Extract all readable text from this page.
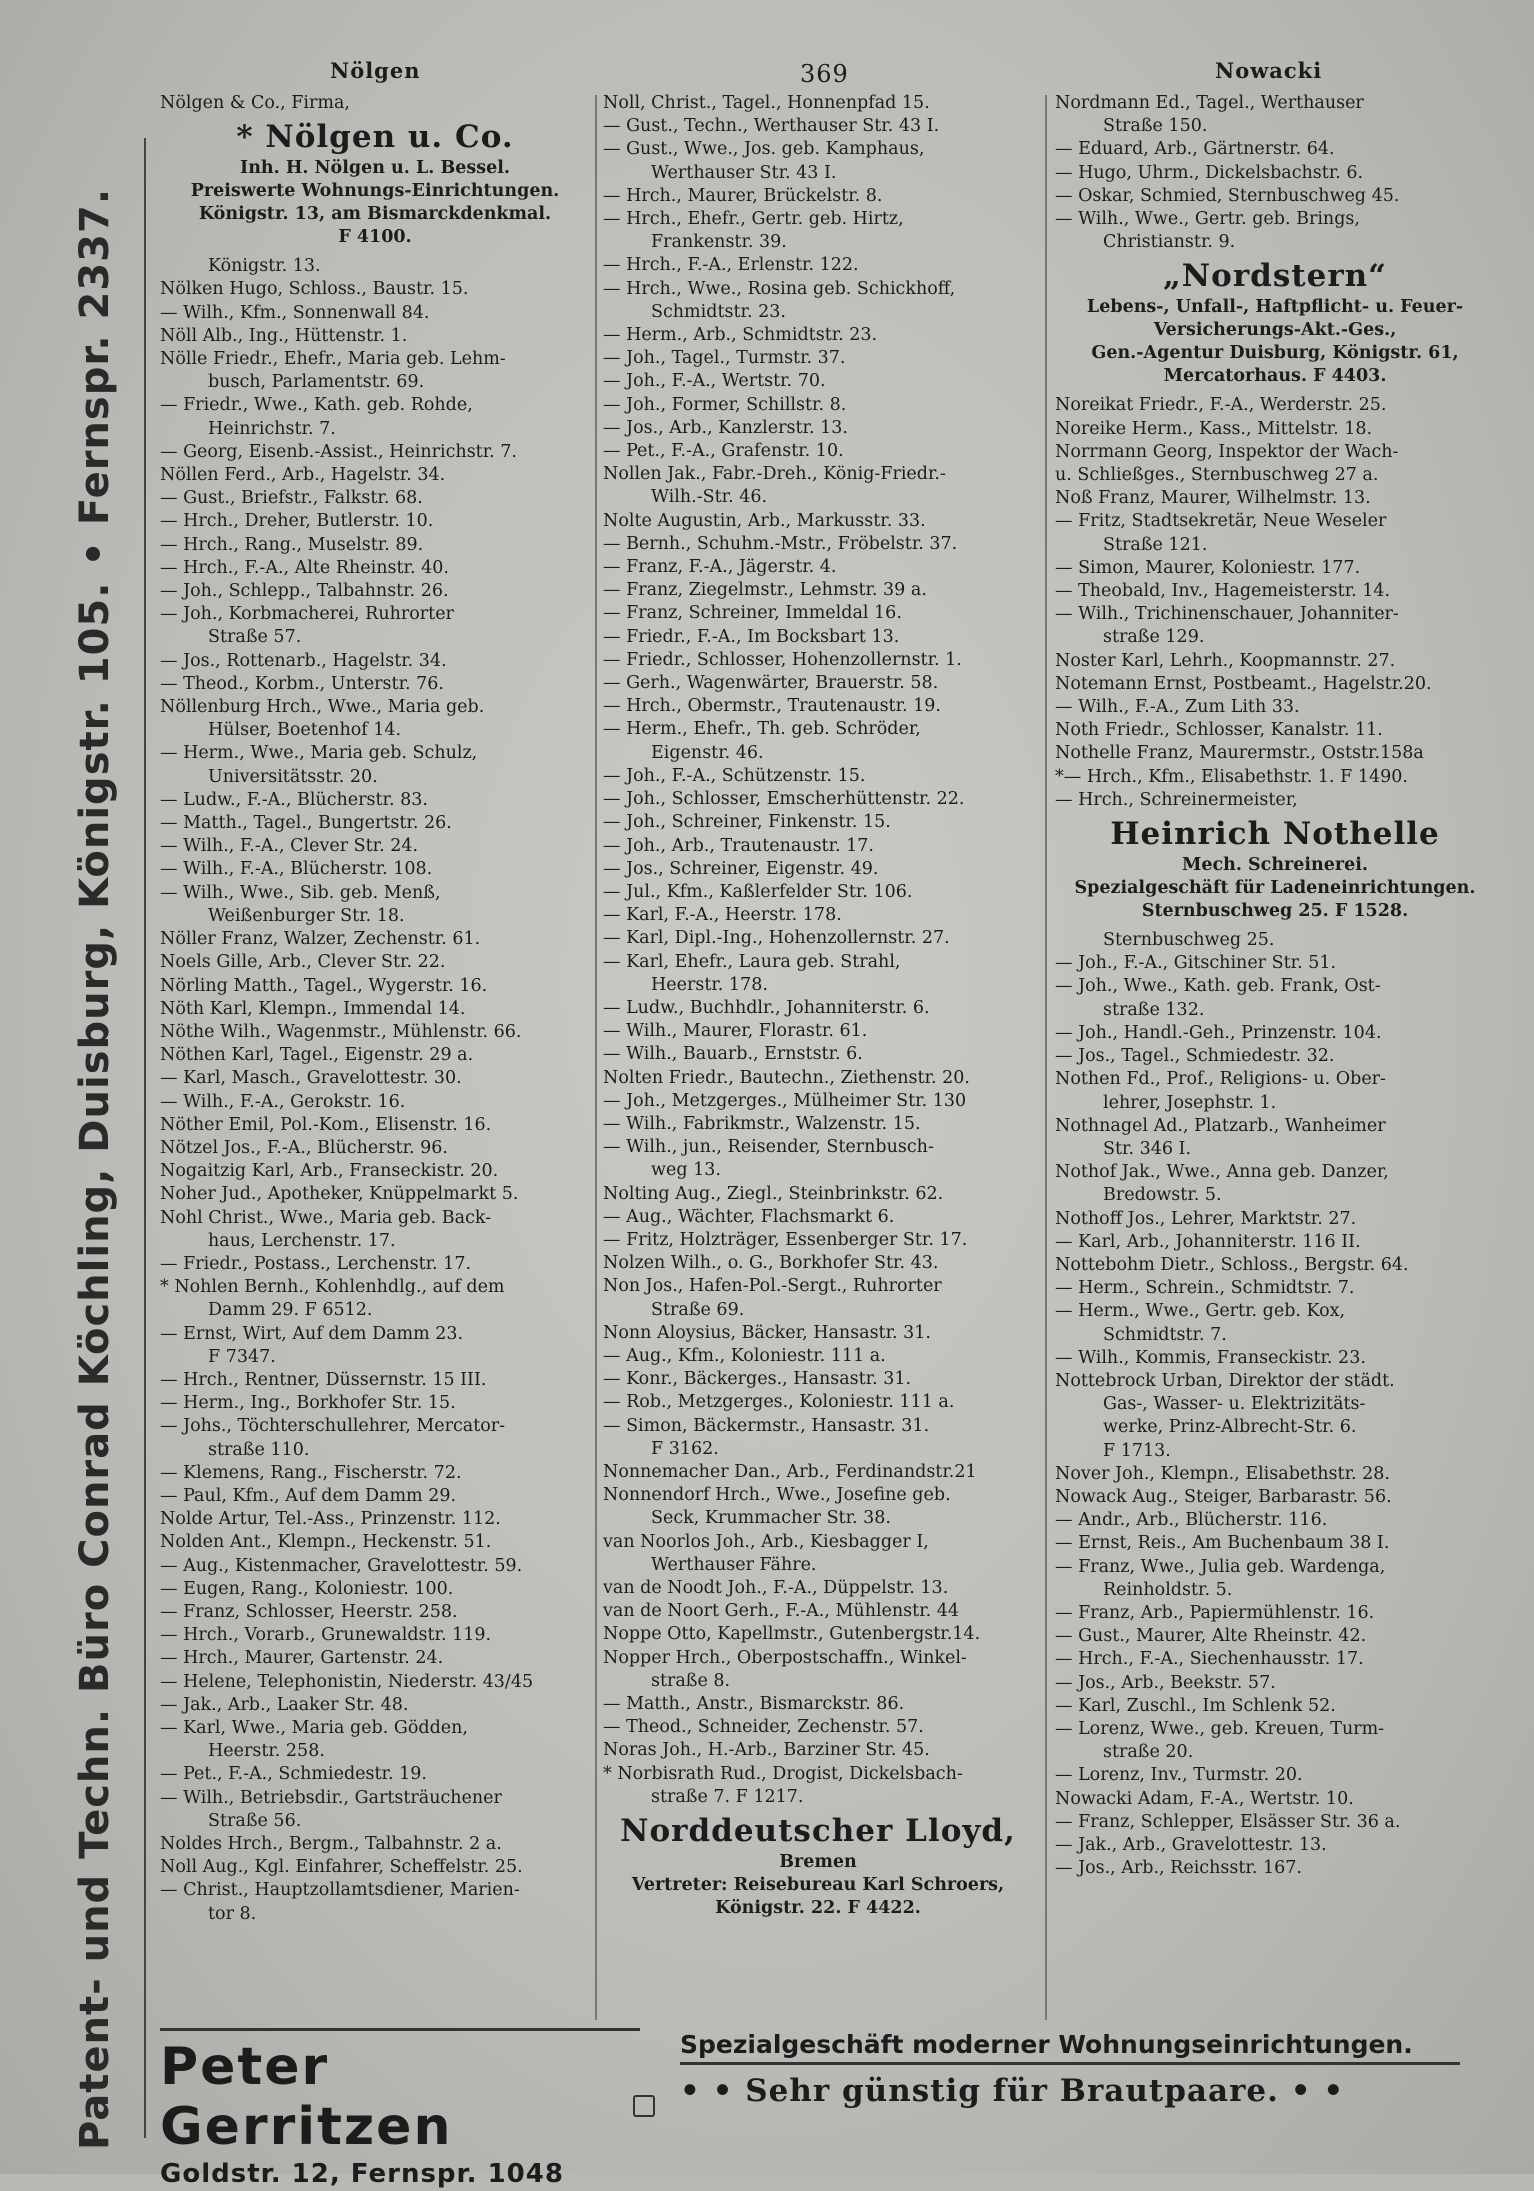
Nölgen	369	Nowacki
Patent- und Techn. Büro Conrad Köchling, Duisburg, Königstr. 105. • Fernspr. 2337.
Nölgen & Co., Firma,
* Nölgen u. Co.
Inh. H. Nölgen u. L. Bessel.
Preiswerte Wohnungs-Einrichtungen.
Königstr. 13, am Bismarckdenkmal.
F 4100.
Königstr. 13.
Nölken Hugo, Schloss., Baustr. 15.
— Wilh., Kfm., Sonnenwall 84.
Nöll Alb., Ing., Hüttenstr. 1.
Nölle Friedr., Ehefr., Maria geb. Lehm-
busch, Parlamentstr. 69.
— Friedr., Wwe., Kath. geb. Rohde,
Heinrichstr. 7.
— Georg, Eisenb.-Assist., Heinrichstr. 7.
Nöllen Ferd., Arb., Hagelstr. 34.
— Gust., Briefstr., Falkstr. 68.
— Hrch., Dreher, Butlerstr. 10.
— Hrch., Rang., Muselstr. 89.
— Hrch., F.-A., Alte Rheinstr. 40.
— Joh., Schlepp., Talbahnstr. 26.
— Joh., Korbmacherei, Ruhrorter
Straße 57.
— Jos., Rottenarb., Hagelstr. 34.
— Theod., Korbm., Unterstr. 76.
Nöllenburg Hrch., Wwe., Maria geb.
Hülser, Boetenhof 14.
— Herm., Wwe., Maria geb. Schulz,
Universitätsstr. 20.
— Ludw., F.-A., Blücherstr. 83.
— Matth., Tagel., Bungertstr. 26.
— Wilh., F.-A., Clever Str. 24.
— Wilh., F.-A., Blücherstr. 108.
— Wilh., Wwe., Sib. geb. Menß,
Weißenburger Str. 18.
Nöller Franz, Walzer, Zechenstr. 61.
Noels Gille, Arb., Clever Str. 22.
Nörling Matth., Tagel., Wygerstr. 16.
Nöth Karl, Klempn., Immendal 14.
Nöthe Wilh., Wagenmstr., Mühlenstr. 66.
Nöthen Karl, Tagel., Eigenstr. 29 a.
— Karl, Masch., Gravelottestr. 30.
— Wilh., F.-A., Gerokstr. 16.
Nöther Emil, Pol.-Kom., Elisenstr. 16.
Nötzel Jos., F.-A., Blücherstr. 96.
Nogaitzig Karl, Arb., Franseckistr. 20.
Noher Jud., Apotheker, Knüppelmarkt 5.
Nohl Christ., Wwe., Maria geb. Back-
haus, Lerchenstr. 17.
— Friedr., Postass., Lerchenstr. 17.
* Nohlen Bernh., Kohlenhdlg., auf dem
Damm 29. F 6512.
— Ernst, Wirt, Auf dem Damm 23.
F 7347.
— Hrch., Rentner, Düssernstr. 15 III.
— Herm., Ing., Borkhofer Str. 15.
— Johs., Töchterschullehrer, Mercator-
straße 110.
— Klemens, Rang., Fischerstr. 72.
— Paul, Kfm., Auf dem Damm 29.
Nolde Artur, Tel.-Ass., Prinzenstr. 112.
Nolden Ant., Klempn., Heckenstr. 51.
— Aug., Kistenmacher, Gravelottestr. 59.
— Eugen, Rang., Koloniestr. 100.
— Franz, Schlosser, Heerstr. 258.
— Hrch., Vorarb., Grunewaldstr. 119.
— Hrch., Maurer, Gartenstr. 24.
— Helene, Telephonistin, Niederstr. 43/45
— Jak., Arb., Laaker Str. 48.
— Karl, Wwe., Maria geb. Gödden,
Heerstr. 258.
— Pet., F.-A., Schmiedestr. 19.
— Wilh., Betriebsdir., Gartsträuchener
Straße 56.
Noldes Hrch., Bergm., Talbahnstr. 2 a.
Noll Aug., Kgl. Einfahrer, Scheffelstr. 25.
— Christ., Hauptzollamtsdiener, Marien-
tor 8.
Noll, Christ., Tagel., Honnenpfad 15.
— Gust., Techn., Werthauser Str. 43 I.
— Gust., Wwe., Jos. geb. Kamphaus,
Werthauser Str. 43 I.
— Hrch., Maurer, Brückelstr. 8.
— Hrch., Ehefr., Gertr. geb. Hirtz,
Frankenstr. 39.
— Hrch., F.-A., Erlenstr. 122.
— Hrch., Wwe., Rosina geb. Schickhoff,
Schmidtstr. 23.
— Herm., Arb., Schmidtstr. 23.
— Joh., Tagel., Turmstr. 37.
— Joh., F.-A., Wertstr. 70.
— Joh., Former, Schillstr. 8.
— Jos., Arb., Kanzlerstr. 13.
— Pet., F.-A., Grafenstr. 10.
Nollen Jak., Fabr.-Dreh., König-Friedr.-
Wilh.-Str. 46.
Nolte Augustin, Arb., Markusstr. 33.
— Bernh., Schuhm.-Mstr., Fröbelstr. 37.
— Franz, F.-A., Jägerstr. 4.
— Franz, Ziegelmstr., Lehmstr. 39 a.
— Franz, Schreiner, Immeldal 16.
— Friedr., F.-A., Im Bocksbart 13.
— Friedr., Schlosser, Hohenzollernstr. 1.
— Gerh., Wagenwärter, Brauerstr. 58.
— Hrch., Obermstr., Trautenaustr. 19.
— Herm., Ehefr., Th. geb. Schröder,
Eigenstr. 46.
— Joh., F.-A., Schützenstr. 15.
— Joh., Schlosser, Emscherhüttenstr. 22.
— Joh., Schreiner, Finkenstr. 15.
— Joh., Arb., Trautenaustr. 17.
— Jos., Schreiner, Eigenstr. 49.
— Jul., Kfm., Kaßlerfelder Str. 106.
— Karl, F.-A., Heerstr. 178.
— Karl, Dipl.-Ing., Hohenzollernstr. 27.
— Karl, Ehefr., Laura geb. Strahl,
Heerstr. 178.
— Ludw., Buchhdlr., Johanniterstr. 6.
— Wilh., Maurer, Florastr. 61.
— Wilh., Bauarb., Ernststr. 6.
Nolten Friedr., Bautechn., Ziethenstr. 20.
— Joh., Metzgerges., Mülheimer Str. 130
— Wilh., Fabrikmstr., Walzenstr. 15.
— Wilh., jun., Reisender, Sternbusch-
weg 13.
Nolting Aug., Ziegl., Steinbrinkstr. 62.
— Aug., Wächter, Flachsmarkt 6.
— Fritz, Holzträger, Essenberger Str. 17.
Nolzen Wilh., o. G., Borkhofer Str. 43.
Non Jos., Hafen-Pol.-Sergt., Ruhrorter
Straße 69.
Nonn Aloysius, Bäcker, Hansastr. 31.
— Aug., Kfm., Koloniestr. 111 a.
— Konr., Bäckerges., Hansastr. 31.
— Rob., Metzgerges., Koloniestr. 111 a.
— Simon, Bäckermstr., Hansastr. 31.
F 3162.
Nonnemacher Dan., Arb., Ferdinandstr.21
Nonnendorf Hrch., Wwe., Josefine geb.
Seck, Krummacher Str. 38.
van Noorlos Joh., Arb., Kiesbagger I,
Werthauser Fähre.
van de Noodt Joh., F.-A., Düppelstr. 13.
van de Noort Gerh., F.-A., Mühlenstr. 44
Noppe Otto, Kapellmstr., Gutenbergstr.14.
Nopper Hrch., Oberpostschaffn., Winkel-
straße 8.
— Matth., Anstr., Bismarckstr. 86.
— Theod., Schneider, Zechenstr. 57.
Noras Joh., H.-Arb., Barziner Str. 45.
* Norbisrath Rud., Drogist, Dickelsbach-
straße 7. F 1217.
Norddeutscher Lloyd,
Bremen
Vertreter: Reisebureau Karl Schroers,
Königstr. 22. F 4422.
Nordmann Ed., Tagel., Werthauser
Straße 150.
— Eduard, Arb., Gärtnerstr. 64.
— Hugo, Uhrm., Dickelsbachstr. 6.
— Oskar, Schmied, Sternbuschweg 45.
— Wilh., Wwe., Gertr. geb. Brings,
Christianstr. 9.
„Nordstern“
Lebens-, Unfall-, Haftpflicht- u. Feuer-
Versicherungs-Akt.-Ges.,
Gen.-Agentur Duisburg, Königstr. 61,
Mercatorhaus. F 4403.
Noreikat Friedr., F.-A., Werderstr. 25.
Noreike Herm., Kass., Mittelstr. 18.
Norrmann Georg, Inspektor der Wach-
u. Schließges., Sternbuschweg 27 a.
Noß Franz, Maurer, Wilhelmstr. 13.
— Fritz, Stadtsekretär, Neue Weseler
Straße 121.
— Simon, Maurer, Koloniestr. 177.
— Theobald, Inv., Hagemeisterstr. 14.
— Wilh., Trichinenschauer, Johanniter-
straße 129.
Noster Karl, Lehrh., Koopmannstr. 27.
Notemann Ernst, Postbeamt., Hagelstr.20.
— Wilh., F.-A., Zum Lith 33.
Noth Friedr., Schlosser, Kanalstr. 11.
Nothelle Franz, Maurermstr., Oststr.158a
*— Hrch., Kfm., Elisabethstr. 1. F 1490.
— Hrch., Schreinermeister,
Heinrich Nothelle
Mech. Schreinerei.
Spezialgeschäft für Ladeneinrichtungen.
Sternbuschweg 25. F 1528.
Sternbuschweg 25.
— Joh., F.-A., Gitschiner Str. 51.
— Joh., Wwe., Kath. geb. Frank, Ost-
straße 132.
— Joh., Handl.-Geh., Prinzenstr. 104.
— Jos., Tagel., Schmiedestr. 32.
Nothen Fd., Prof., Religions- u. Ober-
lehrer, Josephstr. 1.
Nothnagel Ad., Platzarb., Wanheimer
Str. 346 I.
Nothof Jak., Wwe., Anna geb. Danzer,
Bredowstr. 5.
Nothoff Jos., Lehrer, Marktstr. 27.
— Karl, Arb., Johanniterstr. 116 II.
Nottebohm Dietr., Schloss., Bergstr. 64.
— Herm., Schrein., Schmidtstr. 7.
— Herm., Wwe., Gertr. geb. Kox,
Schmidtstr. 7.
— Wilh., Kommis, Franseckistr. 23.
Nottebrock Urban, Direktor der städt.
Gas-, Wasser- u. Elektrizitäts-
werke, Prinz-Albrecht-Str. 6.
F 1713.
Nover Joh., Klempn., Elisabethstr. 28.
Nowack Aug., Steiger, Barbarastr. 56.
— Andr., Arb., Blücherstr. 116.
— Ernst, Reis., Am Buchenbaum 38 I.
— Franz, Wwe., Julia geb. Wardenga,
Reinholdstr. 5.
— Franz, Arb., Papiermühlenstr. 16.
— Gust., Maurer, Alte Rheinstr. 42.
— Hrch., F.-A., Siechenhausstr. 17.
— Jos., Arb., Beekstr. 57.
— Karl, Zuschl., Im Schlenk 52.
— Lorenz, Wwe., geb. Kreuen, Turm-
straße 20.
— Lorenz, Inv., Turmstr. 20.
Nowacki Adam, F.-A., Wertstr. 10.
— Franz, Schlepper, Elsässer Str. 36 a.
— Jak., Arb., Gravelottestr. 13.
— Jos., Arb., Reichsstr. 167.
Peter Gerritzen
Goldstr. 12, Fernspr. 1048
Spezialgeschäft moderner Wohnungseinrichtungen.
• • Sehr günstig für Brautpaare. • •
